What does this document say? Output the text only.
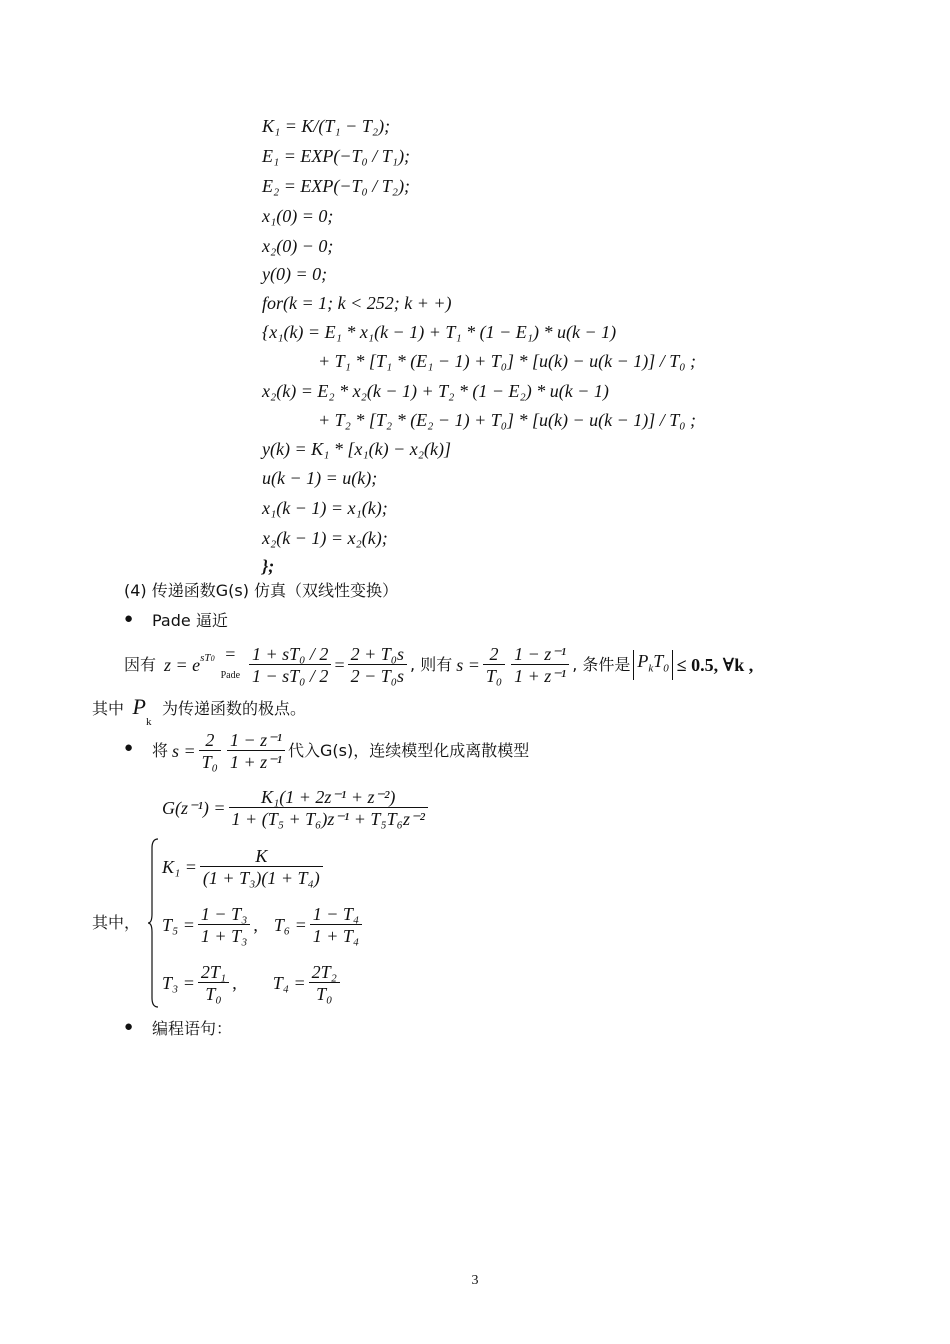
K₁ = K/(T₁ − T₂);
E₁ = EXP(−T₀ / T₁);
E₂ = EXP(−T₀ / T₂);
x₁(0) = 0;
x₂(0) − 0;
y(0) = 0;
for(k = 1; k < 252; k + +)
{x₁(k) = E₁ * x₁(k − 1) + T₁ * (1 − E₁) * u(k − 1)
+ T₁ * [T₁ * (E₁ − 1) + T₀] * [u(k) − u(k − 1)] / T₀ ;
x₂(k) = E₂ * x₂(k − 1) + T₂ * (1 − E₂) * u(k − 1)
+ T₂ * [T₂ * (E₂ − 1) + T₀] * [u(k) − u(k − 1)] / T₀ ;
y(k) = K₁ * [x₁(k) − x₂(k)]
u(k − 1) = u(k);
x₁(k − 1) = x₁(k);
x₂(k − 1) = x₂(k);
};
(4) 传递函数G(s) 仿真（双线性变换）
● Pade 逼近
因有 z = e sT0 =
Pade $\frac{\text{1 + sT₀ / 2}}{\text{1 − sT₀ / 2}} = \frac{\text{2 + T₀s}}{\text{2 − T₀s}}$ , 则有 $s = \frac{2}{\text{T₀}} \frac{\text{1 − z⁻¹}}{\text{1 + z⁻¹}}$ , 条件是 $P_kT_0 \le 0.5$, ∀k ,
其中 $P_k$ 为传递函数的极点。
● 将 $s = \frac{2}{\text{T₀}} \frac{\text{1 − z⁻¹}}{\text{1 + z⁻¹}}$ 代入G(s)，连续模型化成离散模型
$G(z^{-1}) = \frac{\text{K₁(1 + 2z⁻¹ + z⁻²)}}{\text{1 + (T₅ + T₆)z⁻¹ + T₅T₆z⁻²}}$
其中，
$K_1 = \frac{K}{\text{(1 + T₃)(1 + T₄)}}$
$T_5 = \frac{\text{1 − T₃}}{\text{1 + T₃}}$ , $T_6 = \frac{\text{1 − T₄}}{\text{1 + T₄}}$
$T_3 = \frac{\text{2T₁}}{\text{T₀}}$ , $T_4 = \frac{\text{2T₂}}{\text{T₀}}$
● 编程语句：
3
